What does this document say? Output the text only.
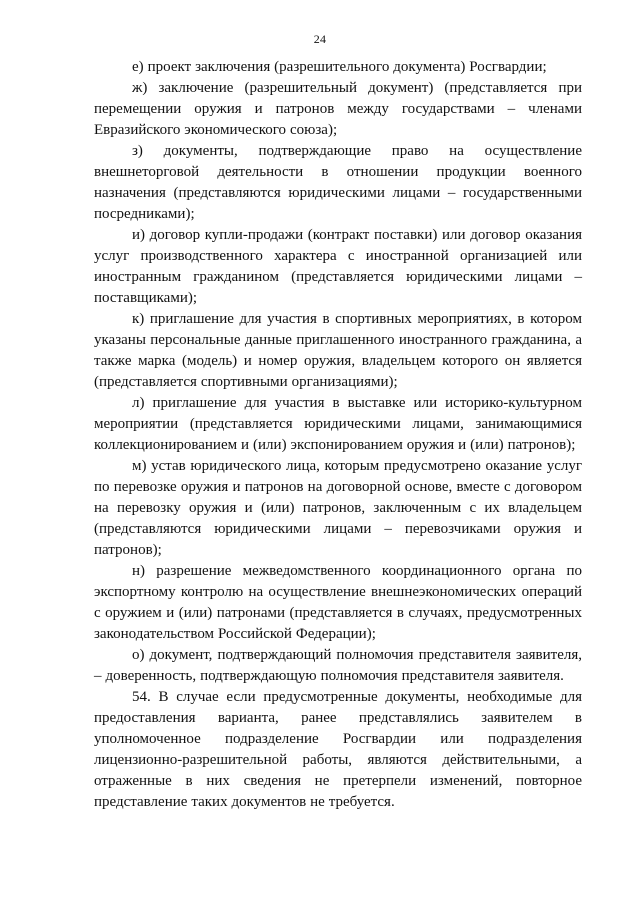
24

е) проект заключения (разрешительного документа) Росгвардии;

ж) заключение (разрешительный документ) (представляется при перемещении оружия и патронов между государствами – членами Евразийского экономического союза);

з) документы, подтверждающие право на осуществление внешнеторговой деятельности в отношении продукции военного назначения (представляются юридическими лицами – государственными посредниками);

и) договор купли-продажи (контракт поставки) или договор оказания услуг производственного характера с иностранной организацией или иностранным гражданином (представляется юридическими лицами – поставщиками);

к) приглашение для участия в спортивных мероприятиях, в котором указаны персональные данные приглашенного иностранного гражданина, а также марка (модель) и номер оружия, владельцем которого он является (представляется спортивными организациями);

л) приглашение для участия в выставке или историко-культурном мероприятии (представляется юридическими лицами, занимающимися коллекционированием и (или) экспонированием оружия и (или) патронов);

м) устав юридического лица, которым предусмотрено оказание услуг по перевозке оружия и патронов на договорной основе, вместе с договором на перевозку оружия и (или) патронов, заключенным с их владельцем (представляются юридическими лицами – перевозчиками оружия и патронов);

н) разрешение межведомственного координационного органа по экспортному контролю на осуществление внешнеэкономических операций с оружием и (или) патронами (представляется в случаях, предусмотренных законодательством Российской Федерации);

о) документ, подтверждающий полномочия представителя заявителя, – доверенность, подтверждающую полномочия представителя заявителя.

54. В случае если предусмотренные документы, необходимые для предоставления варианта, ранее представлялись заявителем в уполномоченное подразделение Росгвардии или подразделения лицензионно-разрешительной работы, являются действительными, а отраженные в них сведения не претерпели изменений, повторное представление таких документов не требуется.
